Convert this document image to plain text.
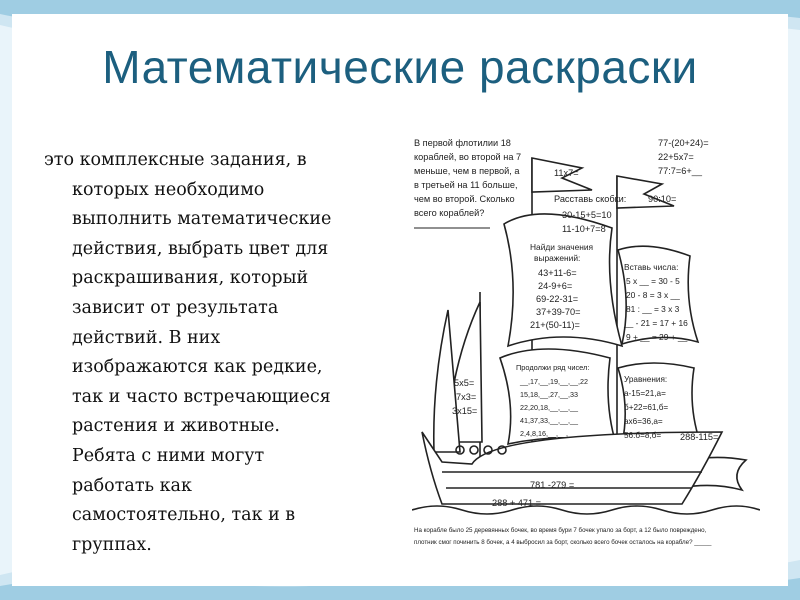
Математические раскраски
это комплексные задания, в
которых необходимо
выполнить математические
действия, выбрать цвет для
раскрашивания, который
зависит от результата
действий. В них
изображаются как редкие,
так и часто встречающиеся
растения и животные.
Ребята с ними могут
работать как
самостоятельно, так и в
группах.
В первой флотилии 18
кораблей, во второй на 7
меньше, чем в первой, а
в третьей на 11 больше,
чем во второй. Сколько
всего кораблей?
11x7=
Расставь скобки:
30-15+5=10
11-10+7=8
77-(20+24)=
22+5x7=
77:7=6+__
90:10=
Найди значения
выражений:
43+11-6=
24-9+6=
69-22-31=
37+39-70=
21+(50-11)=
Вставь числа:
5 x __ = 30 - 5
20 - 8 = 3 x __
81 : __ = 3 x 3
__ - 21 = 17 + 16
9 + __ = 29 + __
Продолжи ряд чисел:
__,17,__,19,__,__,22
15,18,__,27,__,33
22,20,18,__,__,__
41,37,33,__,__,__
2,4,8,16,__,__,__
Уравнения:
а-15=21,а=
б+22=61,б=
ах6=36,а=
56:б=8,б=
5x5=
7x3=
3x15=
288-115=
781 -279 =
288 + 471 =
На корабле было 25 деревянных бочек, во время бури 7 бочек упало за борт, а 12 было повреждено,
плотник смог починить 8 бочек, а 4 выбросил за борт, сколько всего бочек осталось на корабле? _____
